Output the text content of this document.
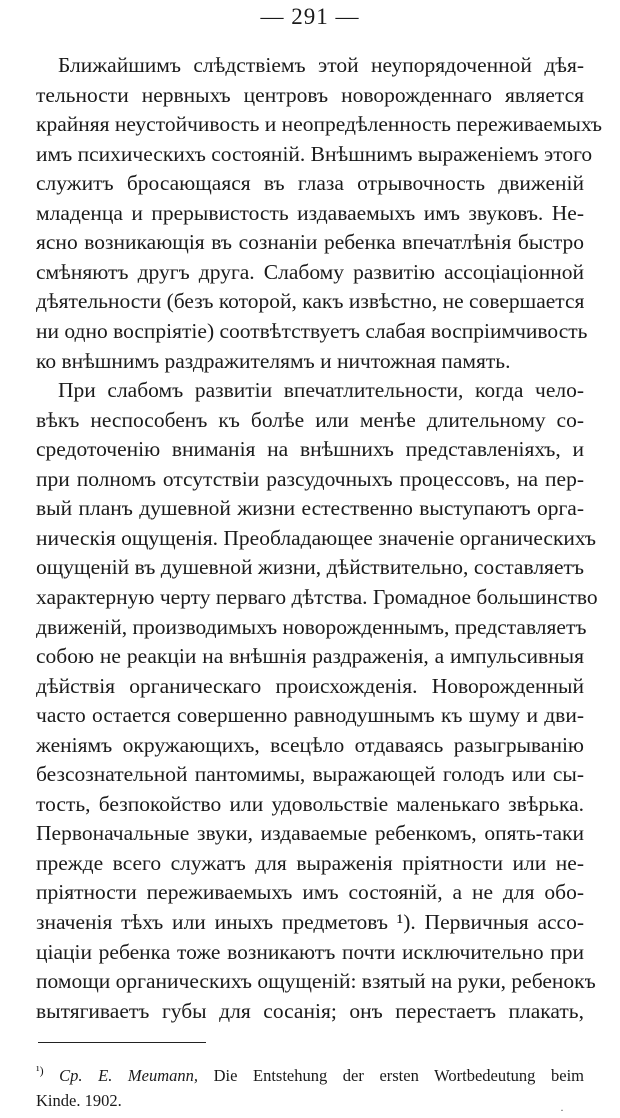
— 291 —
Ближайшимъ слѣдствіемъ этой неупорядоченной дѣя-
тельности нервныхъ центровъ новорожденнаго является
крайняя неустойчивость и неопредѣленность переживаемыхъ
имъ психическихъ состояній. Внѣшнимъ выраженіемъ этого
служитъ бросающаяся въ глаза отрывочность движеній
младенца и прерывистость издаваемыхъ имъ звуковъ. Не-
ясно возникающія въ сознаніи ребенка впечатлѣнія быстро
смѣняютъ другъ друга. Слабому развитію ассоціаціонной
дѣятельности (безъ которой, какъ извѣстно, не совершается
ни одно воспріятіе) соотвѣтствуетъ слабая воспріимчивость
ко внѣшнимъ раздражителямъ и ничтожная память.
При слабомъ развитіи впечатлительности, когда чело-
вѣкъ неспособенъ къ болѣе или менѣе длительному со-
средоточенію вниманія на внѣшнихъ представленіяхъ, и
при полномъ отсутствіи разсудочныхъ процессовъ, на пер-
вый планъ душевной жизни естественно выступаютъ орга-
ническія ощущенія. Преобладающее значеніе органическихъ
ощущеній въ душевной жизни, дѣйствительно, составляетъ
характерную черту перваго дѣтства. Громадное большинство
движеній, производимыхъ новорожденнымъ, представляетъ
собою не реакціи на внѣшнія раздраженія, а импульсивныя
дѣйствія органическаго происхожденія. Новорожденный
часто остается совершенно равнодушнымъ къ шуму и дви-
женіямъ окружающихъ, всецѣло отдаваясь разыгрыванію
безсознательной пантомимы, выражающей голодъ или сы-
тость, безпокойство или удовольствіе маленькаго звѣрька.
Первоначальные звуки, издаваемые ребенкомъ, опять-таки
прежде всего служатъ для выраженія пріятности или не-
пріятности переживаемыхъ имъ состояній, а не для обо-
значенія тѣхъ или иныхъ предметовъ ¹). Первичныя ассо-
ціаціи ребенка тоже возникаютъ почти исключительно при
помощи органическихъ ощущеній: взятый на руки, ребенокъ
вытягиваетъ губы для сосанія; онъ перестаетъ плакать,
$^{^1)}$ Cp. E. Meumann, Die Entstehung der ersten Wortbedeutung beim
Kinde. 1902.	·
